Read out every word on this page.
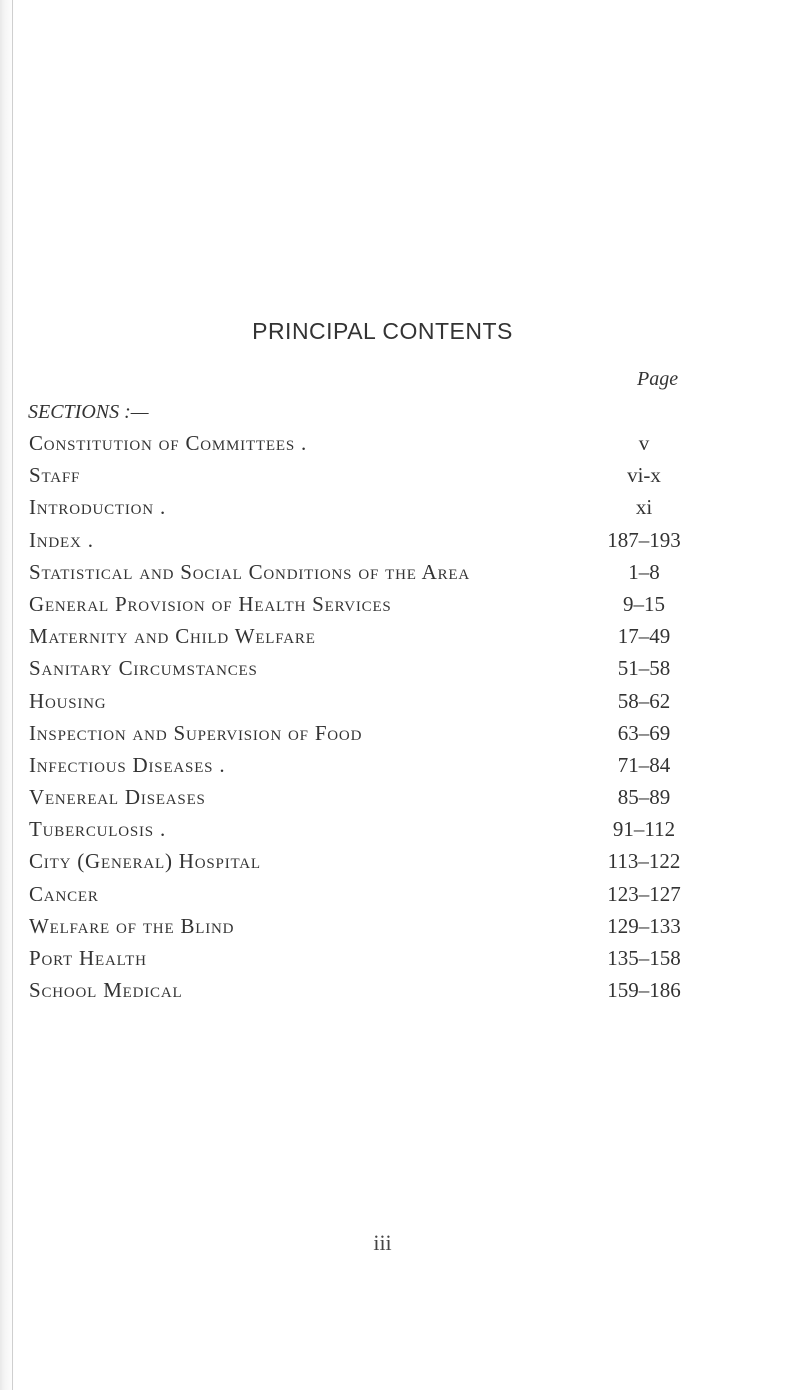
PRINCIPAL CONTENTS
Page
SECTIONS :—
Constitution of Committees .	v
Staff	vi-x
Introduction .	xi
Index .	187–193
Statistical and Social Conditions of the Area	1–8
General Provision of Health Services	9–15
Maternity and Child Welfare	17–49
Sanitary Circumstances	51–58
Housing	58–62
Inspection and Supervision of Food	63–69
Infectious Diseases .	71–84
Venereal Diseases	85–89
Tuberculosis .	91–112
City (General) Hospital	113–122
Cancer	123–127
Welfare of the Blind	129–133
Port Health	135–158
School Medical	159–186
iii
